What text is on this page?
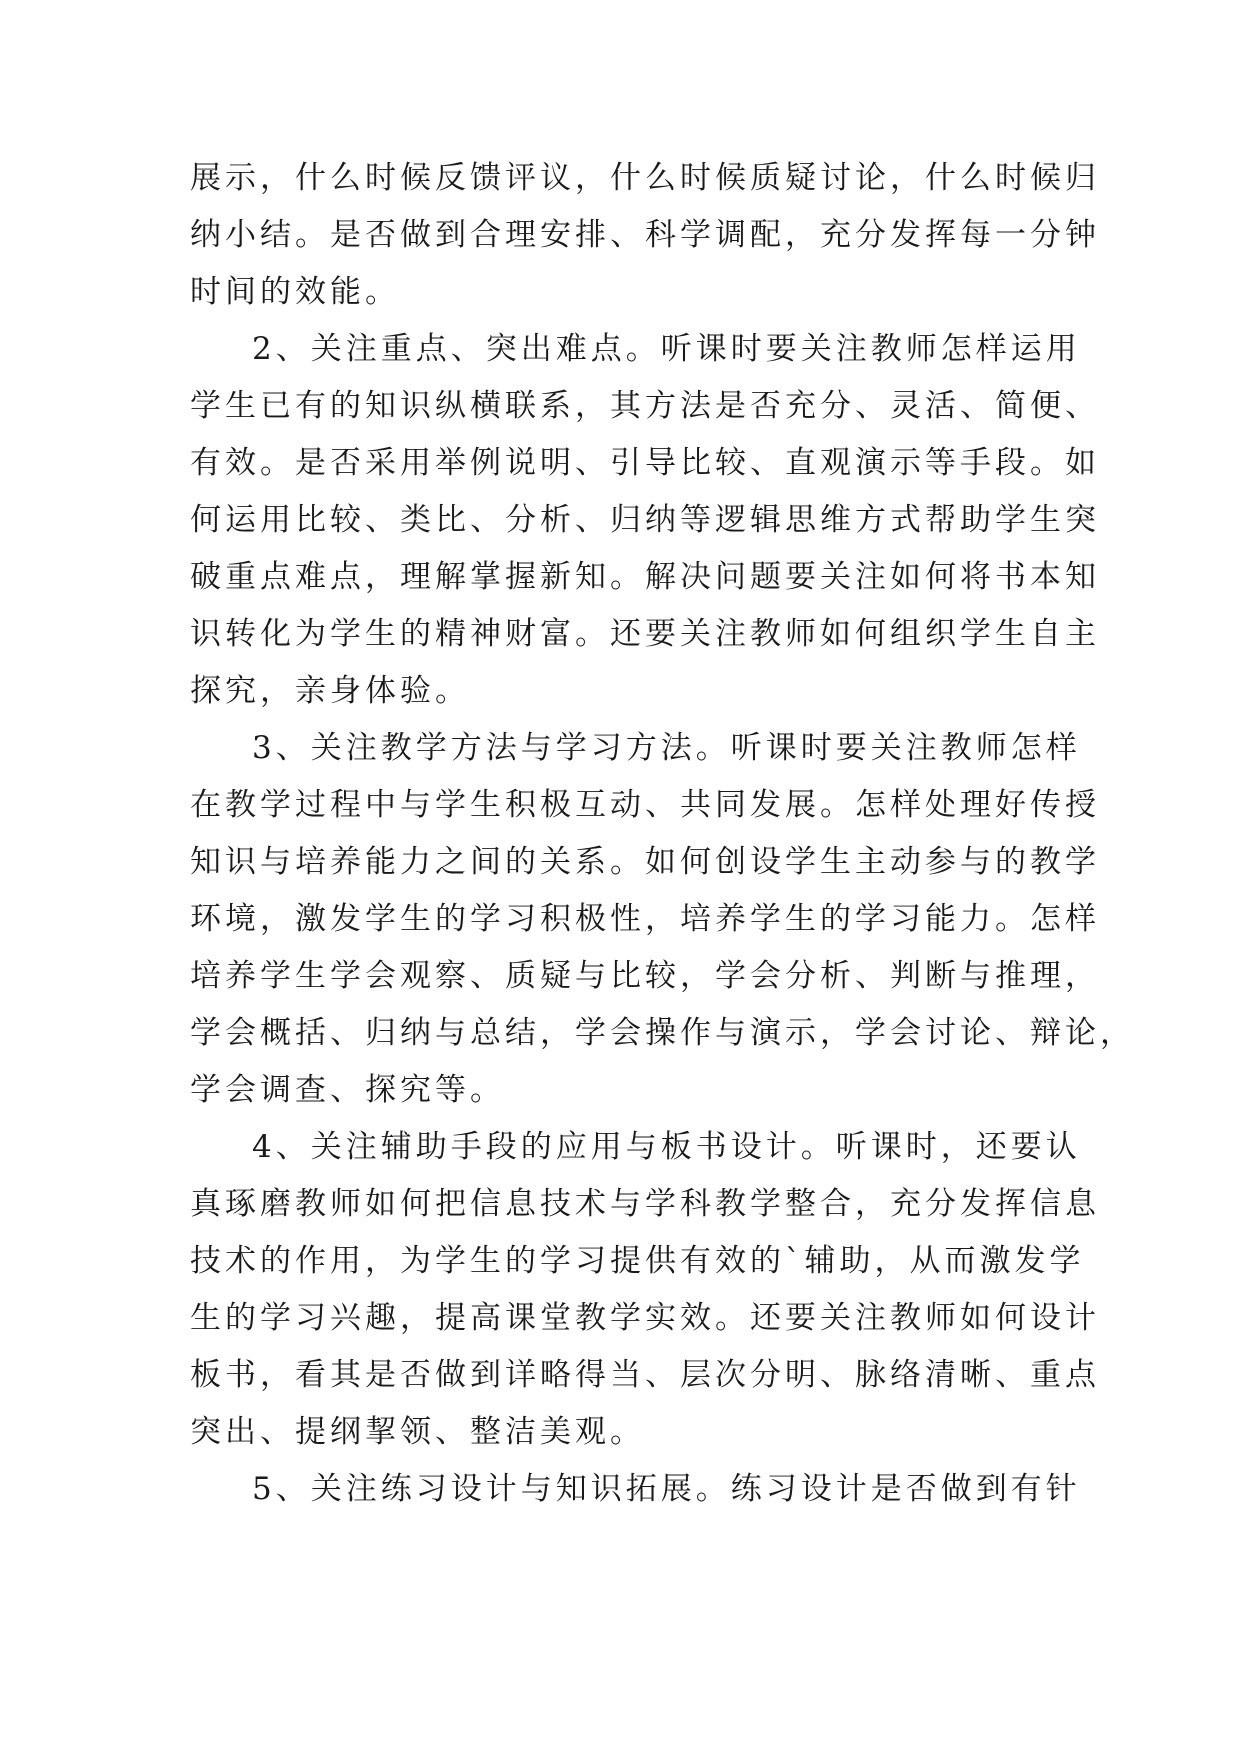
展示，什么时候反馈评议，什么时候质疑讨论，什么时候归
纳小结。是否做到合理安排、科学调配，充分发挥每一分钟
时间的效能。
2、关注重点、突出难点。听课时要关注教师怎样运用
学生已有的知识纵横联系，其方法是否充分、灵活、简便、
有效。是否采用举例说明、引导比较、直观演示等手段。如
何运用比较、类比、分析、归纳等逻辑思维方式帮助学生突
破重点难点，理解掌握新知。解决问题要关注如何将书本知
识转化为学生的精神财富。还要关注教师如何组织学生自主
探究，亲身体验。
3、关注教学方法与学习方法。听课时要关注教师怎样
在教学过程中与学生积极互动、共同发展。怎样处理好传授
知识与培养能力之间的关系。如何创设学生主动参与的教学
环境，激发学生的学习积极性，培养学生的学习能力。怎样
培养学生学会观察、质疑与比较，学会分析、判断与推理，
学会概括、归纳与总结，学会操作与演示，学会讨论、辩论，
学会调查、探究等。
4、关注辅助手段的应用与板书设计。听课时，还要认
真琢磨教师如何把信息技术与学科教学整合，充分发挥信息
技术的作用，为学生的学习提供有效的`辅助，从而激发学
生的学习兴趣，提高课堂教学实效。还要关注教师如何设计
板书，看其是否做到详略得当、层次分明、脉络清晰、重点
突出、提纲挈领、整洁美观。
5、关注练习设计与知识拓展。练习设计是否做到有针
